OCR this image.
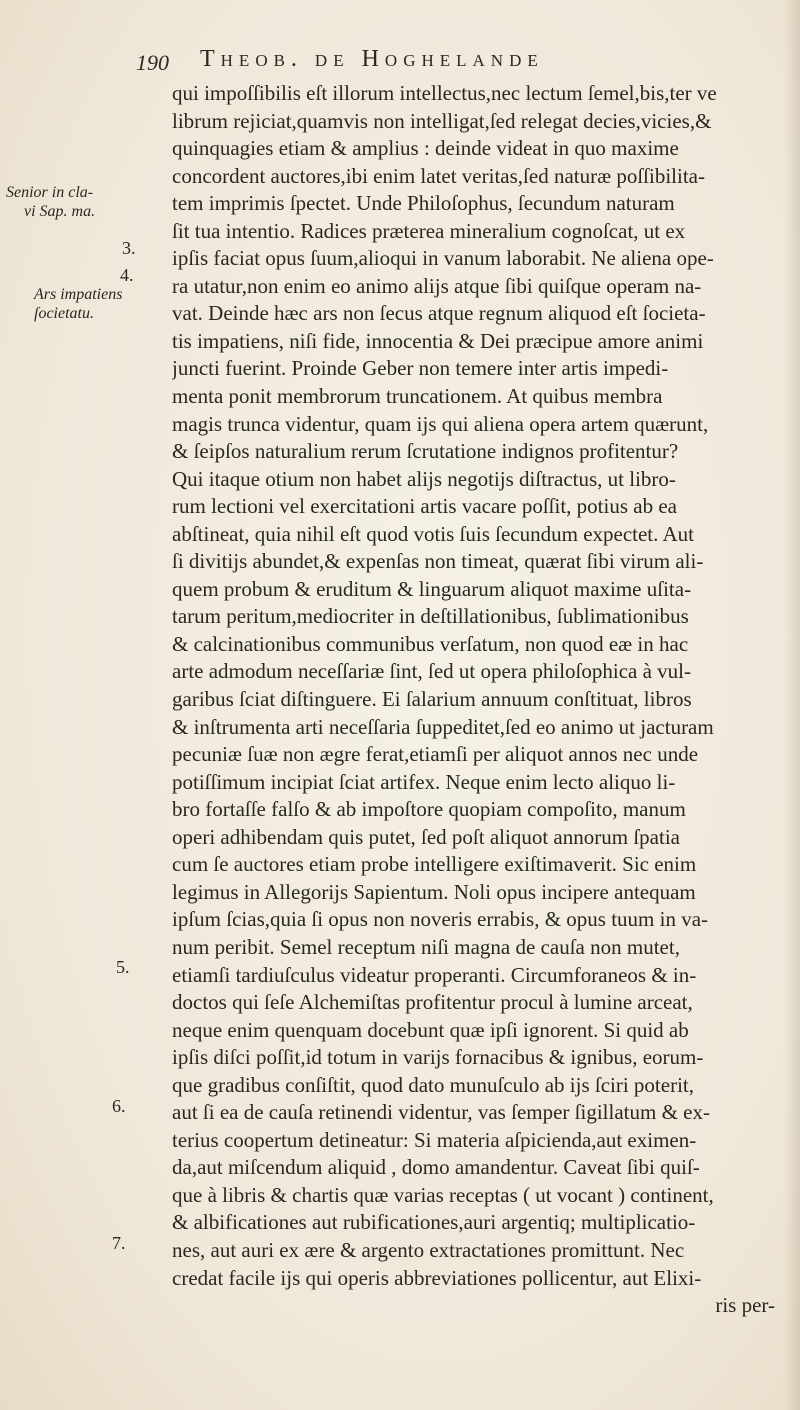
190 Theob. de Hoghelande
Senior in cla-
vi Sap. ma.
3.
4.
Ars impatiens
ſocietatu.
5.
6.
7.
qui impoſſibilis eſt illorum intellectus,nec lectum ſemel,bis,ter ve
librum rejiciat,quamvis non intelligat,ſed relegat decies,vicies,&
quinquagies etiam & amplius : deinde videat in quo maxime
concordent auctores,ibi enim latet veritas,ſed naturæ poſſibilita-
tem imprimis ſpectet. Unde Philoſophus, ſecundum naturam
ſit tua intentio. Radices præterea mineralium cognoſcat, ut ex
ipſis faciat opus ſuum,alioqui in vanum laborabit. Ne aliena ope-
ra utatur,non enim eo animo alijs atque ſibi quiſque operam na-
vat. Deinde hæc ars non ſecus atque regnum aliquod eſt ſocieta-
tis impatiens, niſi fide, innocentia & Dei præcipue amore animi
juncti fuerint. Proinde Geber non temere inter artis impedi-
menta ponit membrorum truncationem. At quibus membra
magis trunca videntur, quam ijs qui aliena opera artem quærunt,
& ſeipſos naturalium rerum ſcrutatione indignos profitentur?
Qui itaque otium non habet alijs negotijs diſtractus, ut libro-
rum lectioni vel exercitationi artis vacare poſſit, potius ab ea
abſtineat, quia nihil eſt quod votis ſuis ſecundum expectet. Aut
ſi divitijs abundet,& expenſas non timeat, quærat ſibi virum ali-
quem probum & eruditum & linguarum aliquot maxime uſita-
tarum peritum,mediocriter in deſtillationibus, ſublimationibus
& calcinationibus communibus verſatum, non quod eæ in hac
arte admodum neceſſariæ ſint, ſed ut opera philoſophica à vul-
garibus ſciat diſtinguere. Ei ſalarium annuum conſtituat, libros
& inſtrumenta arti neceſſaria ſuppeditet,ſed eo animo ut jacturam
pecuniæ ſuæ non ægre ferat,etiamſi per aliquot annos nec unde
potiſſimum incipiat ſciat artifex. Neque enim lecto aliquo li-
bro fortaſſe falſo & ab impoſtore quopiam compoſito, manum
operi adhibendam quis putet, ſed poſt aliquot annorum ſpatia
cum ſe auctores etiam probe intelligere exiſtimaverit. Sic enim
legimus in Allegorijs Sapientum. Noli opus incipere antequam
ipſum ſcias,quia ſi opus non noveris errabis, & opus tuum in va-
num peribit. Semel receptum niſi magna de cauſa non mutet,
etiamſi tardiuſculus videatur properanti. Circumforaneos & in-
doctos qui ſeſe Alchemiſtas profitentur procul à lumine arceat,
neque enim quenquam docebunt quæ ipſi ignorent. Si quid ab
ipſis diſci poſſit,id totum in varijs fornacibus & ignibus, eorum-
que gradibus conſiſtit, quod dato munuſculo ab ijs ſciri poterit,
aut ſi ea de cauſa retinendi videntur, vas ſemper ſigillatum & ex-
terius coopertum detineatur: Si materia aſpicienda,aut eximen-
da,aut miſcendum aliquid , domo amandentur. Caveat ſibi quiſ-
que à libris & chartis quæ varias receptas ( ut vocant ) continent,
& albificationes aut rubificationes,auri argentiq; multiplicatio-
nes, aut auri ex ære & argento extractationes promittunt. Nec
credat facile ijs qui operis abbreviationes pollicentur, aut Elixi-
ris per-
